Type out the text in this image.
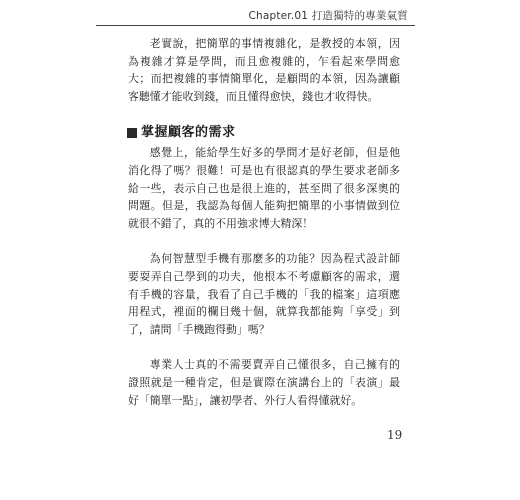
Chapter.01 打造獨特的專業氣質

老實說，把簡單的事情複雜化，是教授的本領，因為複雜才算是學問，而且愈複雜的，乍看起來學問愈大；而把複雜的事情簡單化，是顧問的本領，因為讓顧客聽懂才能收到錢，而且懂得愈快，錢也才收得快。

掌握顧客的需求

感覺上，能給學生好多的學問才是好老師，但是他消化得了嗎？很難！可是也有很認真的學生要求老師多給一些，表示自己也是很上進的，甚至問了很多深奧的問題。但是，我認為每個人能夠把簡單的小事情做到位就很不錯了，真的不用強求博大精深！

為何智慧型手機有那麼多的功能？因為程式設計師要耍弄自己學到的功夫，他根本不考慮顧客的需求，還有手機的容量，我看了自己手機的「我的檔案」這項應用程式，裡面的欄目幾十個，就算我都能夠「享受」到了，請問「手機跑得動」嗎？

專業人士真的不需要賣弄自己懂很多，自己擁有的證照就是一種肯定，但是實際在演講台上的「表演」最好「簡單一點」，讓初學者、外行人看得懂就好。

19
